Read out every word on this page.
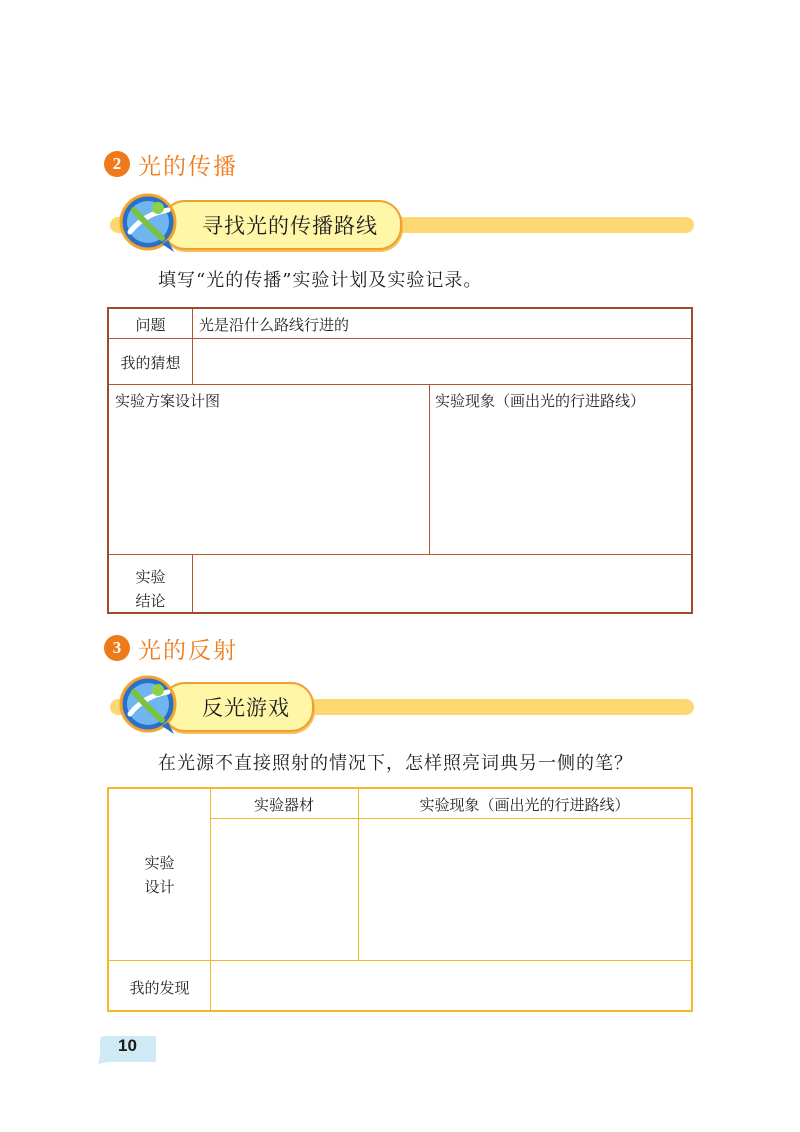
2 光的传播
寻找光的传播路线
填写“光的传播”实验计划及实验记录。
问题	光是沿什么路线行进的
我的猜想
实验方案设计图	实验现象（画出光的行进路线）
实验
结论
3 光的反射
反光游戏
在光源不直接照射的情况下，怎样照亮词典另一侧的笔？
实验
设计
实验器材	实验现象（画出光的行进路线）
我的发现
10
